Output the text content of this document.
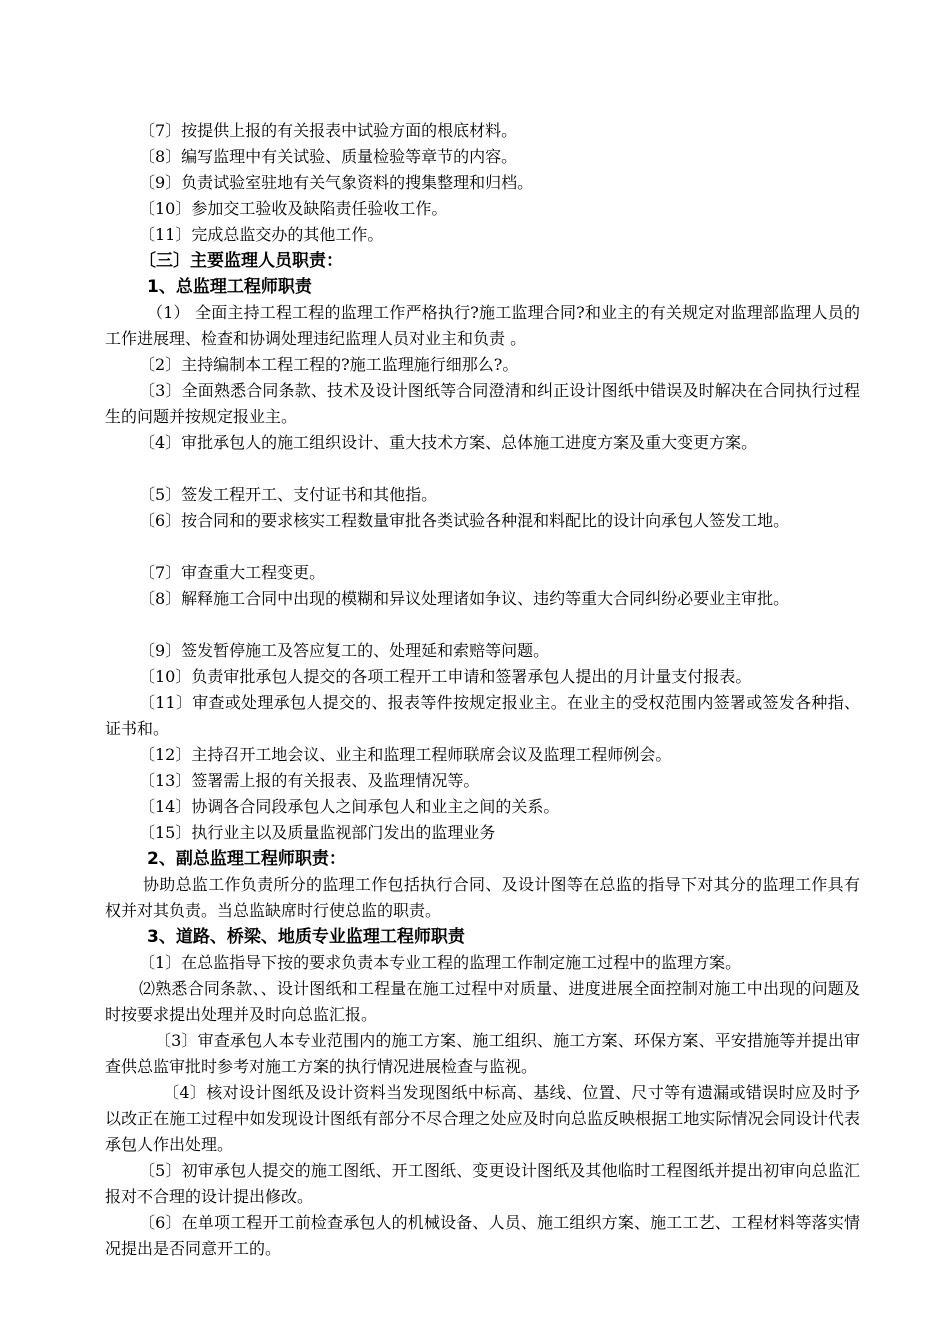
〔7〕按提供上报的有关报表中试验方面的根底材料。
〔8〕编写监理中有关试验、质量检验等章节的内容。
〔9〕负责试验室驻地有关气象资料的搜集整理和归档。
〔10〕参加交工验收及缺陷责任验收工作。
〔11〕完成总监交办的其他工作。
〔三〕主要监理人员职责：
1、总监理工程师职责
（1） 全面主持工程工程的监理工作严格执行?施工监理合同?和业主的有关规定对监理部监理人员的工作进展理、检查和协调处理违纪监理人员对业主和负责 。
〔2〕主持编制本工程工程的?施工监理施行细那么?。
〔3〕全面熟悉合同条款、技术及设计图纸等合同澄清和纠正设计图纸中错误及时解决在合同执行过程生的问题并按规定报业主。
〔4〕审批承包人的施工组织设计、重大技术方案、总体施工进度方案及重大变更方案。
〔5〕签发工程开工、支付证书和其他指。
〔6〕按合同和的要求核实工程数量审批各类试验各种混和料配比的设计向承包人签发工地。
〔7〕审查重大工程变更。
〔8〕解释施工合同中出现的模糊和异议处理诸如争议、违约等重大合同纠纷必要业主审批。
〔9〕签发暂停施工及答应复工的、处理延和索赔等问题。
〔10〕负责审批承包人提交的各项工程开工申请和签署承包人提出的月计量支付报表。
〔11〕审查或处理承包人提交的、报表等件按规定报业主。在业主的受权范围内签署或签发各种指、证书和。
〔12〕主持召开工地会议、业主和监理工程师联席会议及监理工程师例会。
〔13〕签署需上报的有关报表、及监理情况等。
〔14〕协调各合同段承包人之间承包人和业主之间的关系。
〔15〕执行业主以及质量监视部门发出的监理业务
2、副总监理工程师职责：
协助总监工作负责所分的监理工作包括执行合同、及设计图等在总监的指导下对其分的监理工作具有权并对其负责。当总监缺席时行使总监的职责。
3、道路、桥梁、地质专业监理工程师职责
〔1〕在总监指导下按的要求负责本专业工程的监理工作制定施工过程中的监理方案。
⑵熟悉合同条款、、设计图纸和工程量在施工过程中对质量、进度进展全面控制对施工中出现的问题及时按要求提出处理并及时向总监汇报。
〔3〕审查承包人本专业范围内的施工方案、施工组织、施工方案、环保方案、平安措施等并提出审查供总监审批时参考对施工方案的执行情况进展检查与监视。
〔4〕核对设计图纸及设计资料当发现图纸中标高、基线、位置、尺寸等有遗漏或错误时应及时予以改正在施工过程中如发现设计图纸有部分不尽合理之处应及时向总监反映根据工地实际情况会同设计代表承包人作出处理。
〔5〕初审承包人提交的施工图纸、开工图纸、变更设计图纸及其他临时工程图纸并提出初审向总监汇报对不合理的设计提出修改。
〔6〕在单项工程开工前检查承包人的机械设备、人员、施工组织方案、施工工艺、工程材料等落实情况提出是否同意开工的。
